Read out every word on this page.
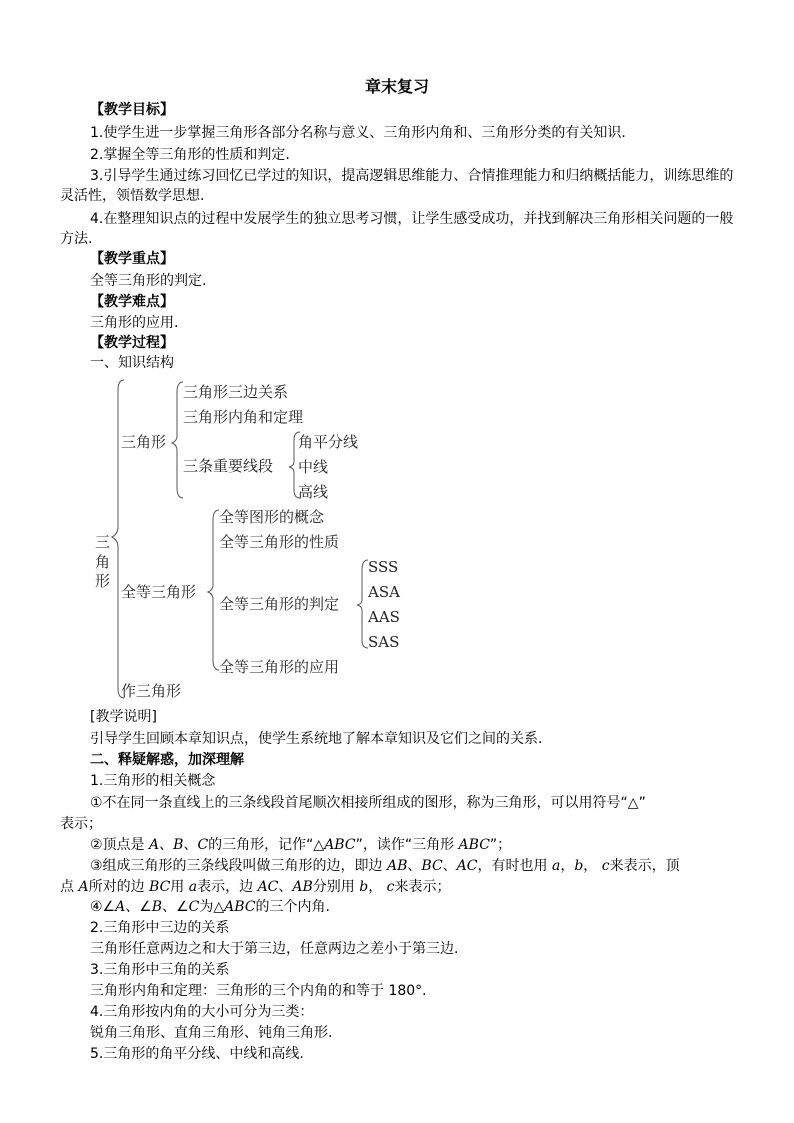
章末复习

【教学目标】

1.使学生进一步掌握三角形各部分名称与意义、三角形内角和、三角形分类的有关知识.

2.掌握全等三角形的性质和判定.

3.引导学生通过练习回忆已学过的知识，提高逻辑思维能力、合情推理能力和归纳概括能力，训练思维的灵活性，领悟数学思想.

4.在整理知识点的过程中发展学生的独立思考习惯，让学生感受成功，并找到解决三角形相关问题的一般方法.

【教学重点】

全等三角形的判定.

【教学难点】

三角形的应用.

【教学过程】

一、知识结构

三
角
形
三角形
三角形三边关系
三角形内角和定理
三条重要线段
角平分线
中线
高线
全等三角形
全等图形的概念
全等三角形的性质
全等三角形的判定
全等三角形的应用
SSS
ASA
AAS
SAS
作三角形

[教学说明]

引导学生回顾本章知识点，使学生系统地了解本章知识及它们之间的关系.

二、释疑解惑，加深理解

1.三角形的相关概念

①不在同一条直线上的三条线段首尾顺次相接所组成的图形，称为三角形，可以用符号“△”

表示；

②顶点是 A、B、C的三角形，记作“△ABC”，读作“三角形 ABC”；

③组成三角形的三条线段叫做三角形的边，即边 AB、BC、AC，有时也用 a，b， c来表示，顶

点 A所对的边 BC用 a表示，边 AC、AB分别用 b， c来表示；

④∠A、∠B、∠C为△ABC的三个内角.

2.三角形中三边的关系

三角形任意两边之和大于第三边，任意两边之差小于第三边.

3.三角形中三角的关系

三角形内角和定理：三角形的三个内角的和等于 180°．

4.三角形按内角的大小可分为三类：

锐角三角形、直角三角形、钝角三角形.

5.三角形的角平分线、中线和高线.
